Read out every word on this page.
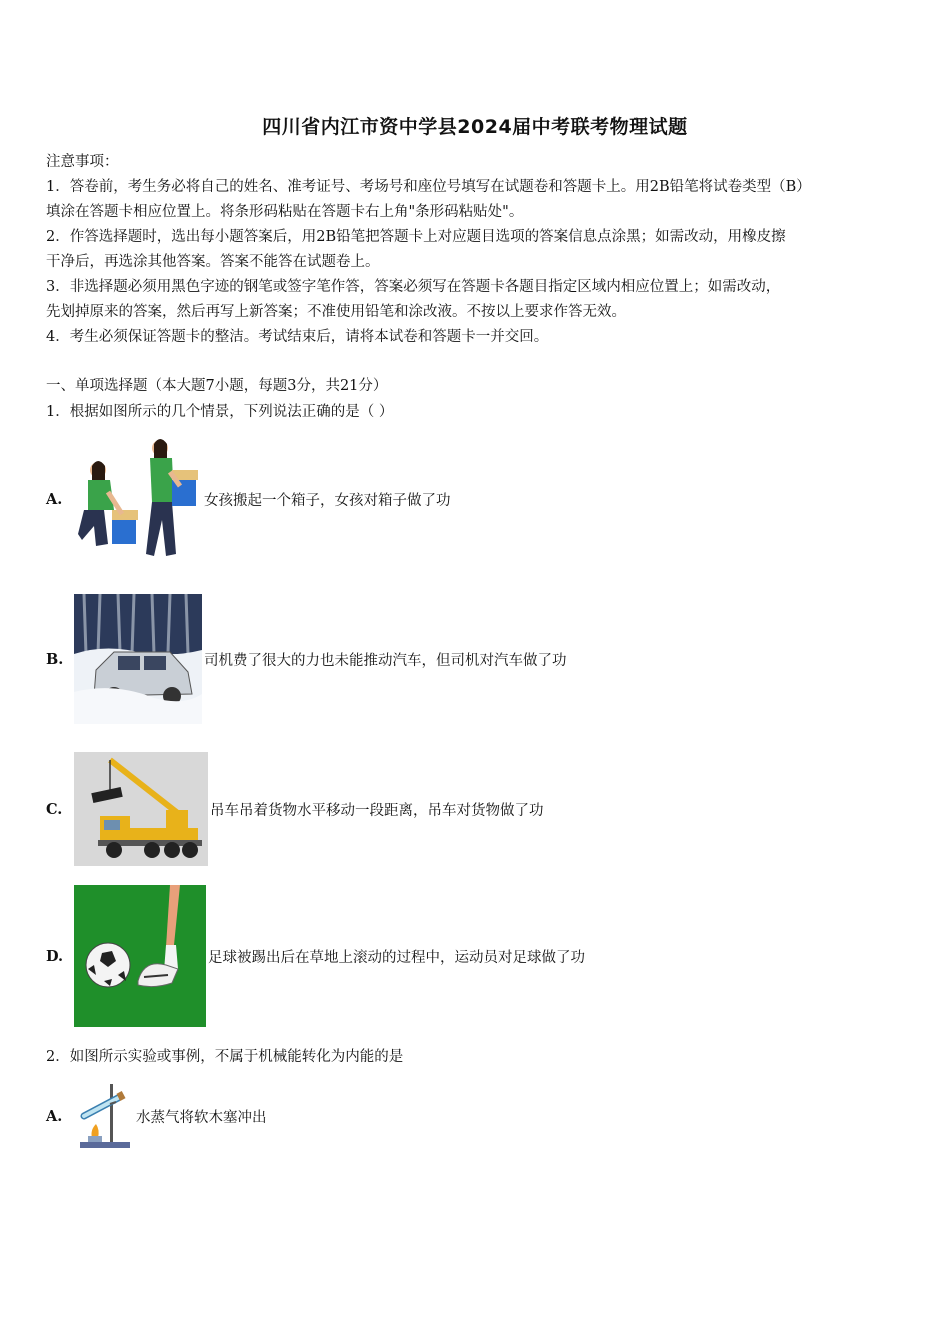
四川省内江市资中学县2024届中考联考物理试题

注意事项：

1．答卷前，考生务必将自己的姓名、准考证号、考场号和座位号填写在试题卷和答题卡上。用2B铅笔将试卷类型（B）

填涂在答题卡相应位置上。将条形码粘贴在答题卡右上角"条形码粘贴处"。

2．作答选择题时，选出每小题答案后，用2B铅笔把答题卡上对应题目选项的答案信息点涂黑；如需改动，用橡皮擦

干净后，再选涂其他答案。答案不能答在试题卷上。

3．非选择题必须用黑色字迹的钢笔或签字笔作答，答案必须写在答题卡各题目指定区域内相应位置上；如需改动，

先划掉原来的答案，然后再写上新答案；不准使用铅笔和涂改液。不按以上要求作答无效。

4．考生必须保证答题卡的整洁。考试结束后，请将本试卷和答题卡一并交回。

一、单项选择题（本大题7小题，每题3分，共21分）
1．根据如图所示的几个情景，下列说法正确的是（ ）
A.	女孩搬起一个箱子，女孩对箱子做了功
B.	司机费了很大的力也未能推动汽车，但司机对汽车做了功
C.	吊车吊着货物水平移动一段距离，吊车对货物做了功
D.	足球被踢出后在草地上滚动的过程中，运动员对足球做了功
2．如图所示实验或事例，不属于机械能转化为内能的是
A.	水蒸气将软木塞冲出
